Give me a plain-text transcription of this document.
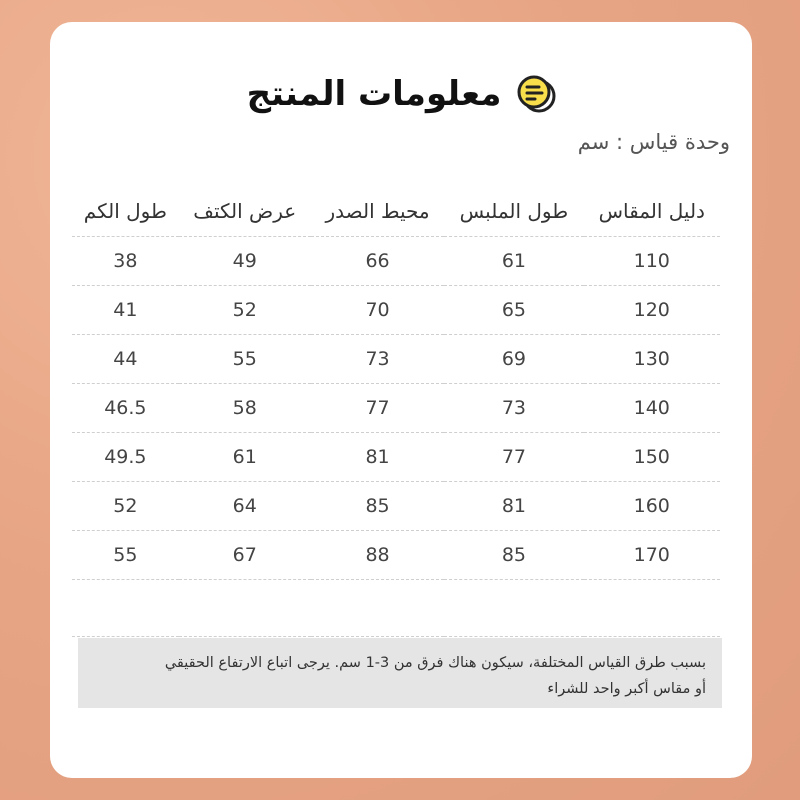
معلومات المنتج
وحدة قياس : سم
دليل المقاس	طول الملبس	محيط الصدر	عرض الكتف	طول الكم
110	61	66	49	38
120	65	70	52	41
130	69	73	55	44
140	73	77	58	46.5
150	77	81	61	49.5
160	81	85	64	52
170	85	88	67	55

بسبب طرق القياس المختلفة، سيكون هناك فرق من 3-1 سم. يرجى اتباع الارتفاع الحقيقي
أو مقاس أكبر واحد للشراء
